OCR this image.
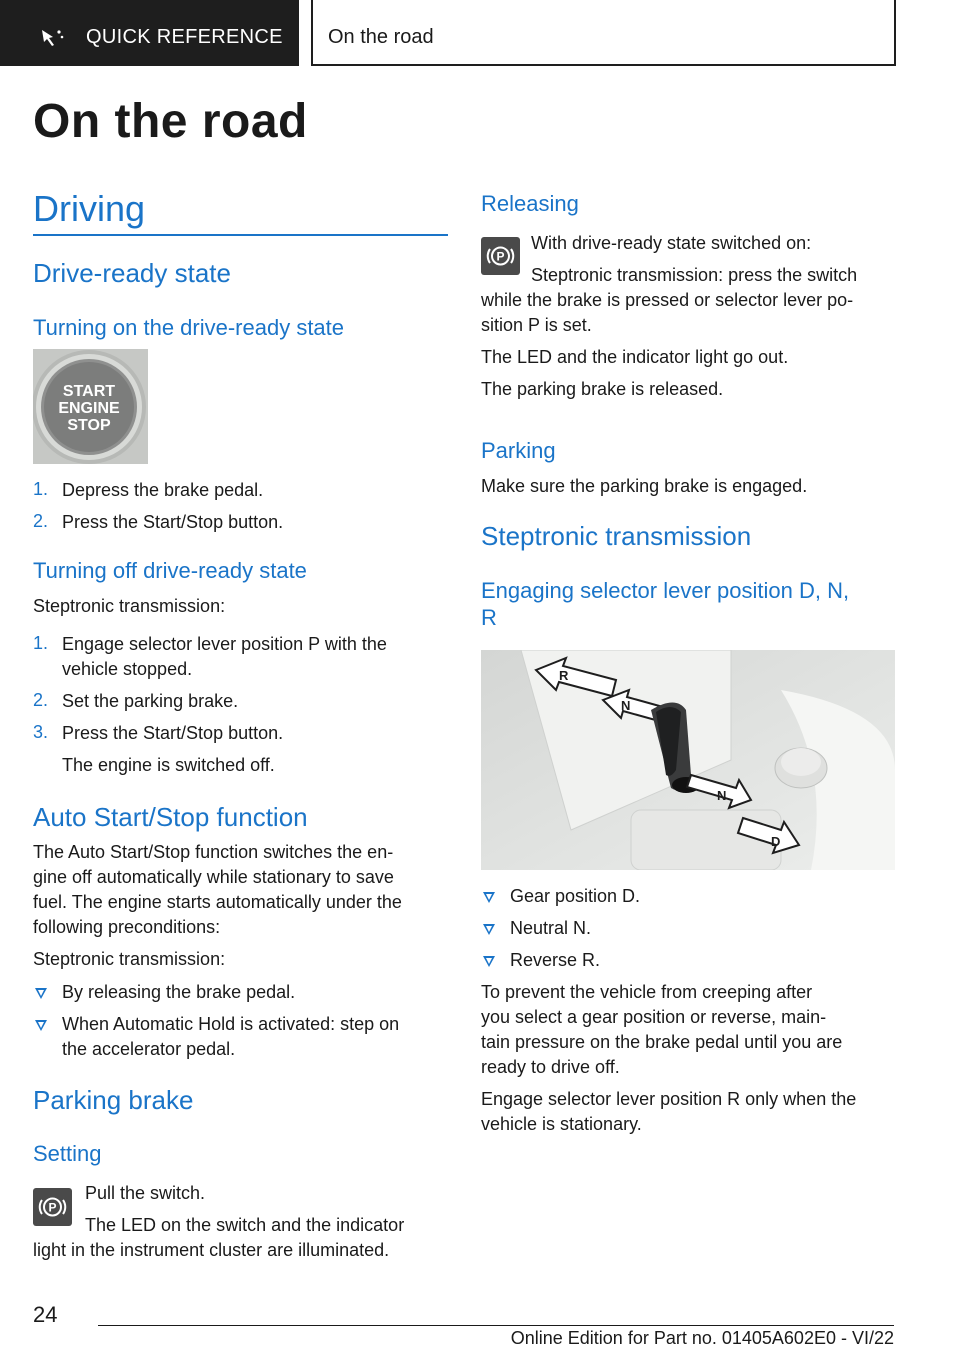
QUICK REFERENCE On the road
On the road
Driving
Drive-ready state
Turning on the drive-ready state
START
ENGINE
STOP
1. Depress the brake pedal.
2. Press the Start/Stop button.
Turning off drive-ready state
Steptronic transmission:
1. Engage selector lever position P with the
vehicle stopped.
2. Set the parking brake.
3. Press the Start/Stop button.
The engine is switched off.
Auto Start/Stop function
The Auto Start/Stop function switches the en-
gine off automatically while stationary to save
fuel. The engine starts automatically under the
following preconditions:
Steptronic transmission:
By releasing the brake pedal.
When Automatic Hold is activated: step on
the accelerator pedal.
Parking brake
Setting
P
Pull the switch.
The LED on the switch and the indicator
light in the instrument cluster are illuminated.
Releasing
P
With drive-ready state switched on:
Steptronic transmission: press the switch
while the brake is pressed or selector lever po-
sition P is set.
The LED and the indicator light go out.
The parking brake is released.
Parking
Make sure the parking brake is engaged.
Steptronic transmission
Engaging selector lever position D, N,
R
R
N
N
D
Gear position D.
Neutral N.
Reverse R.
To prevent the vehicle from creeping after
you select a gear position or reverse, main-
tain pressure on the brake pedal until you are
ready to drive off.
Engage selector lever position R only when the
vehicle is stationary.
24
Online Edition for Part no. 01405A602E0 - VI/22
